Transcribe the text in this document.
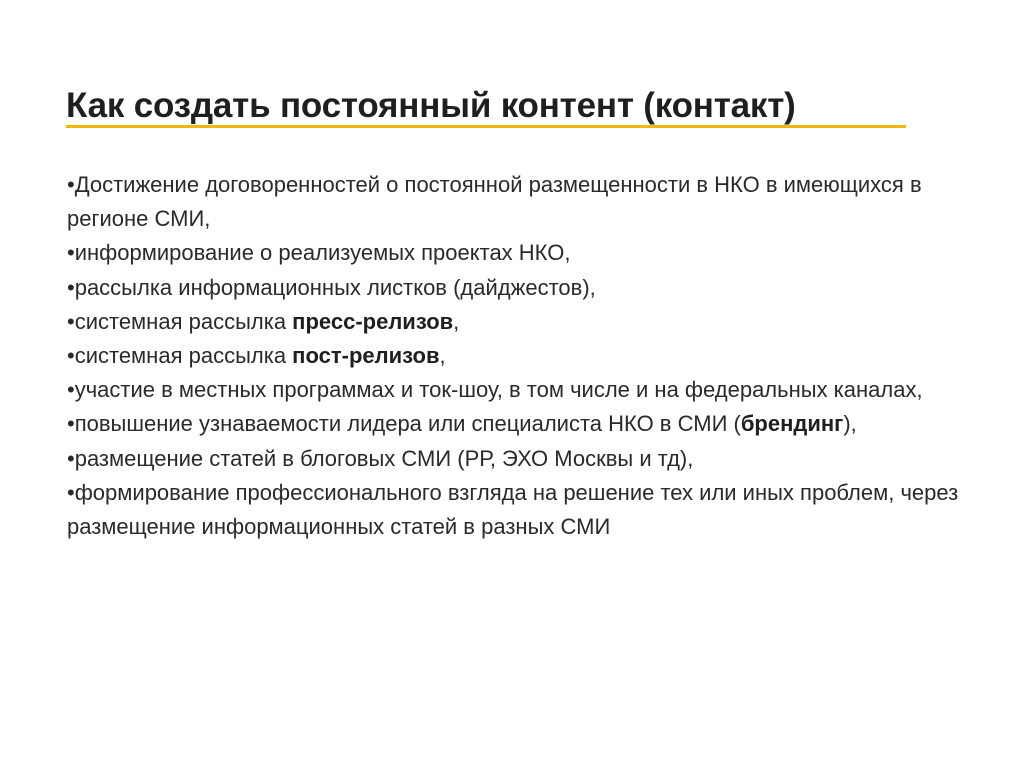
Как создать постоянный контент (контакт)
•Достижение договоренностей о постоянной размещенности в НКО в имеющихся в регионе СМИ,
•информирование о реализуемых проектах НКО,
•рассылка информационных листков (дайджестов),
•системная рассылка пресс-релизов,
•системная рассылка пост-релизов,
•участие в местных программах и ток-шоу, в том числе и на федеральных каналах,
•повышение узнаваемости лидера или специалиста НКО в СМИ (брендинг),
•размещение статей в блоговых СМИ (РР, ЭХО Москвы и тд),
•формирование профессионального взгляда на решение тех или иных проблем, через размещение информационных статей в разных СМИ
